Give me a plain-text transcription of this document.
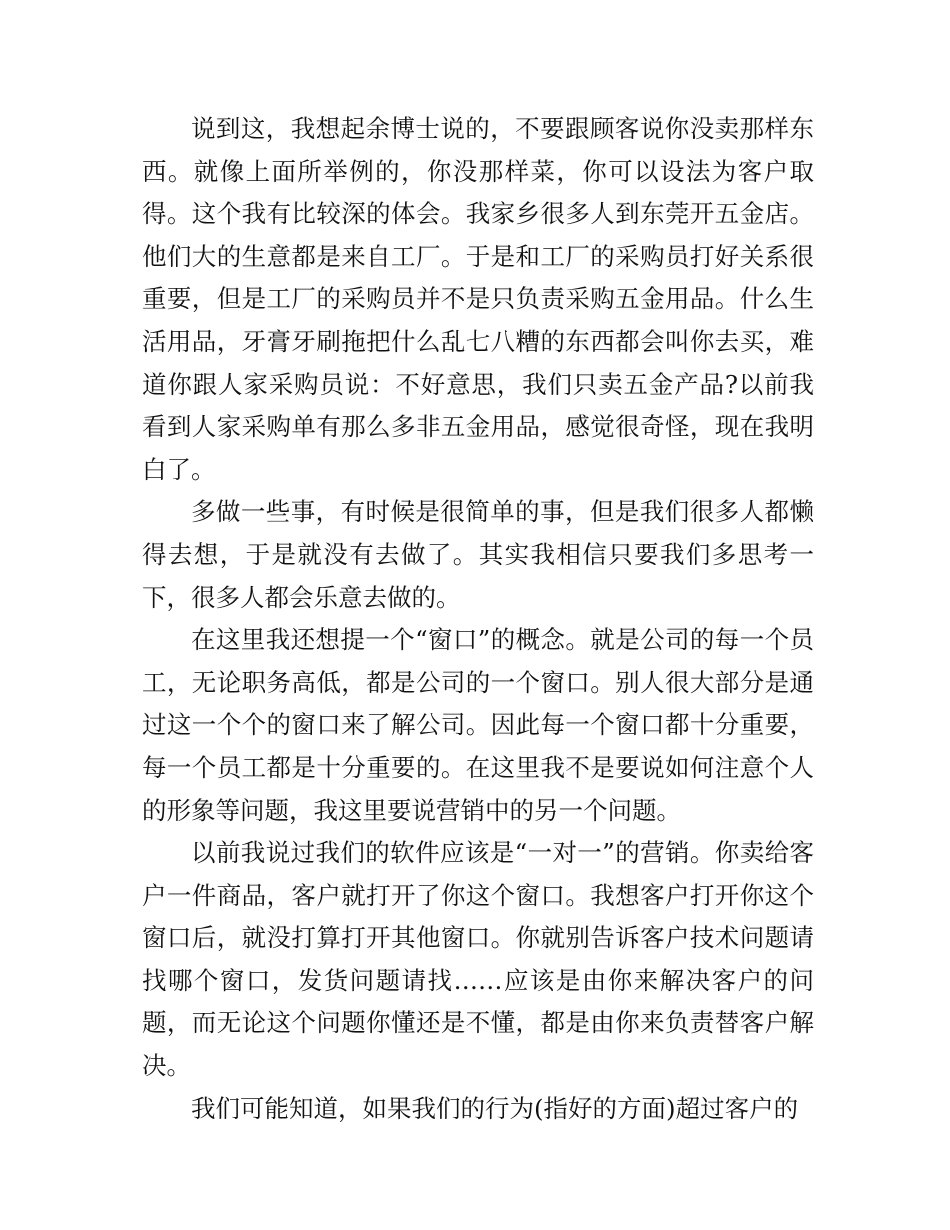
说到这，我想起余博士说的，不要跟顾客说你没卖那样东西。就像上面所举例的，你没那样菜，你可以设法为客户取得。这个我有比较深的体会。我家乡很多人到东莞开五金店。他们大的生意都是来自工厂。于是和工厂的采购员打好关系很重要，但是工厂的采购员并不是只负责采购五金用品。什么生活用品，牙膏牙刷拖把什么乱七八糟的东西都会叫你去买，难道你跟人家采购员说：不好意思，我们只卖五金产品?以前我看到人家采购单有那么多非五金用品，感觉很奇怪，现在我明白了。

多做一些事，有时候是很简单的事，但是我们很多人都懒得去想，于是就没有去做了。其实我相信只要我们多思考一下，很多人都会乐意去做的。

在这里我还想提一个“窗口”的概念。就是公司的每一个员工，无论职务高低，都是公司的一个窗口。别人很大部分是通过这一个个的窗口来了解公司。因此每一个窗口都十分重要，每一个员工都是十分重要的。在这里我不是要说如何注意个人的形象等问题，我这里要说营销中的另一个问题。

以前我说过我们的软件应该是“一对一”的营销。你卖给客户一件商品，客户就打开了你这个窗口。我想客户打开你这个窗口后，就没打算打开其他窗口。你就别告诉客户技术问题请找哪个窗口，发货问题请找……应该是由你来解决客户的问题，而无论这个问题你懂还是不懂，都是由你来负责替客户解决。

我们可能知道，如果我们的行为(指好的方面)超过客户的
